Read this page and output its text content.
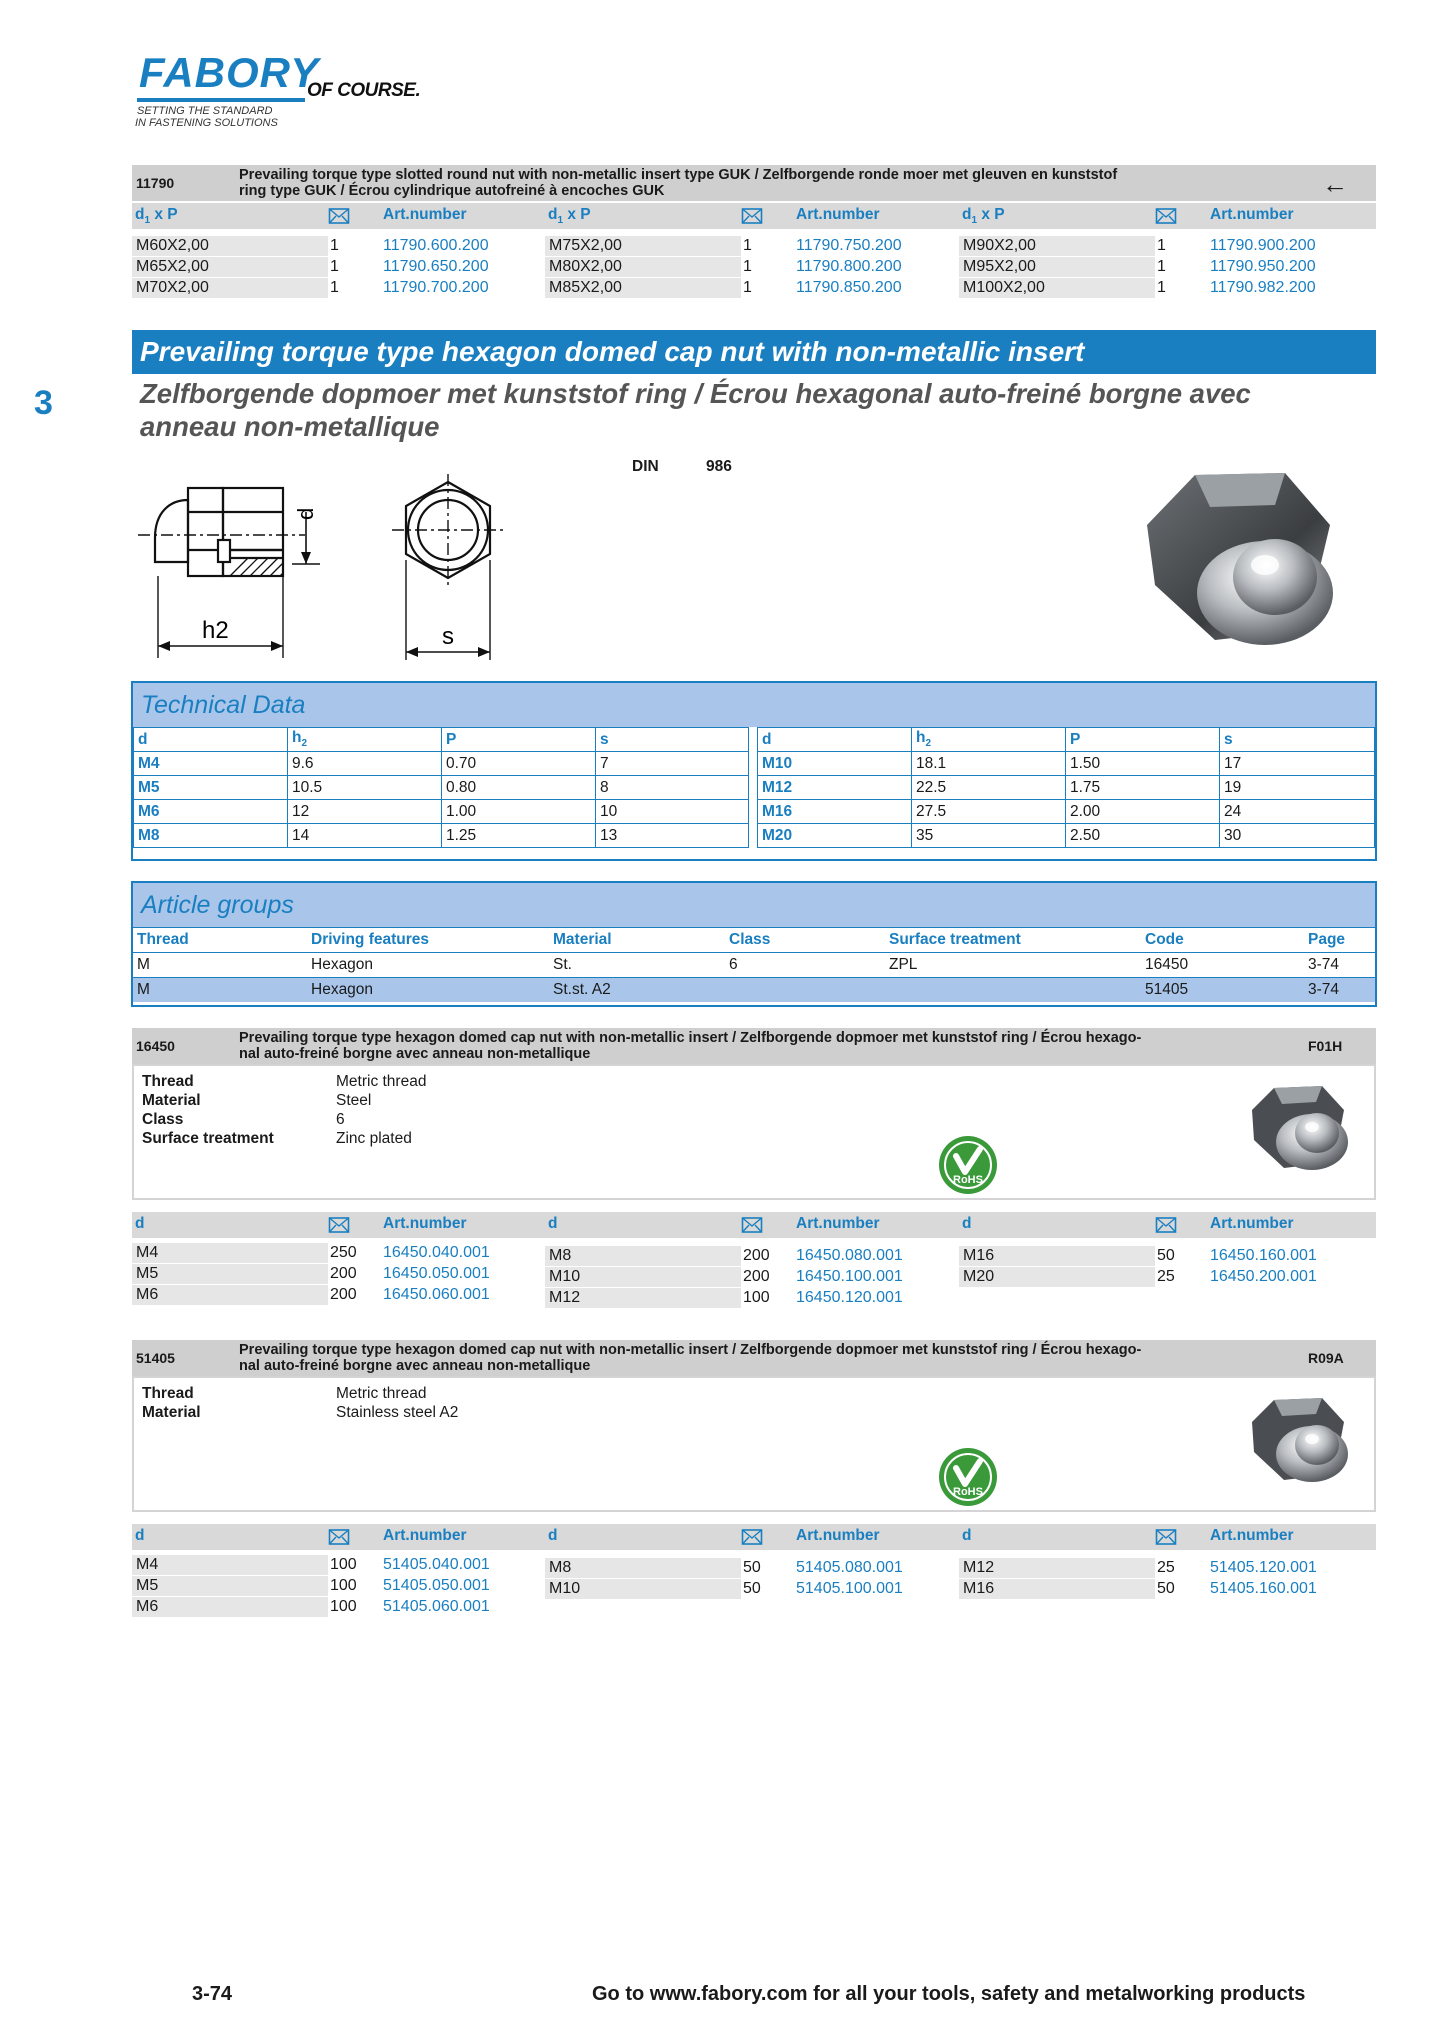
FABORY
OF COURSE.
SETTING THE STANDARD
IN FASTENING SOLUTIONS
11790	Prevailing torque type slotted round nut with non-metallic insert type GUK / Zelfborgende ronde moer met gleuven en kunststof
ring type GUK / Écrou cylindrique autofreiné à encoches GUK	←
$d_1$ x P	Art.number
M60X2,00	1	11790.600.200
M65X2,00	1	11790.650.200
M70X2,00	1	11790.700.200
$d_1$ x P	Art.number
M75X2,00	1	11790.750.200
M80X2,00	1	11790.800.200
M85X2,00	1	11790.850.200
$d_1$ x P	Art.number
M90X2,00	1	11790.900.200
M95X2,00	1	11790.950.200
M100X2,00	1	11790.982.200
3
Prevailing torque type hexagon domed cap nut with non-metallic insert
Zelfborgende dopmoer met kunststof ring / Écrou hexagonal auto-freiné borgne avec
anneau non-metallique
DIN	986
d
h2	s
Technical Data
d	$h_2$	P	s
M4	9.6	0.70	7
M5	10.5	0.80	8
M6	12	1.00	10
M8	14	1.25	13
d	$h_2$	P	s
M10	18.1	1.50	17
M12	22.5	1.75	19
M16	27.5	2.00	24
M20	35	2.50	30
Article groups
Thread	Driving features	Material	Class	Surface treatment	Code	Page
M	Hexagon	St.	6	ZPL	16450	3-74
M	Hexagon	St.st. A2			51405	3-74
16450	Prevailing torque type hexagon domed cap nut with non-metallic insert / Zelfborgende dopmoer met kunststof ring / Écrou hexago-
nal auto-freiné borgne avec anneau non-metallique	F01H
Thread	Metric thread
Material	Steel
Class	6
Surface treatment	Zinc plated
RoHS
d	Art.number
M4	250 16450.040.001
M5	200 16450.050.001
M6	200 16450.060.001
d	Art.number
M8	200 16450.080.001
M10	200 16450.100.001
M12	100 16450.120.001
d	Art.number
M16	50 16450.160.001
M20	25 16450.200.001
51405	Prevailing torque type hexagon domed cap nut with non-metallic insert / Zelfborgende dopmoer met kunststof ring / Écrou hexago-
nal auto-freiné borgne avec anneau non-metallique	R09A
Thread	Metric thread
Material	Stainless steel A2
RoHS
d	Art.number
M4	100 51405.040.001
M5	100 51405.050.001
M6	100 51405.060.001
d	Art.number
M8	50 51405.080.001
M10	50 51405.100.001
d	Art.number
M12	25 51405.120.001
M16	50 51405.160.001
3-74	Go to www.fabory.com for all your tools, safety and metalworking products
